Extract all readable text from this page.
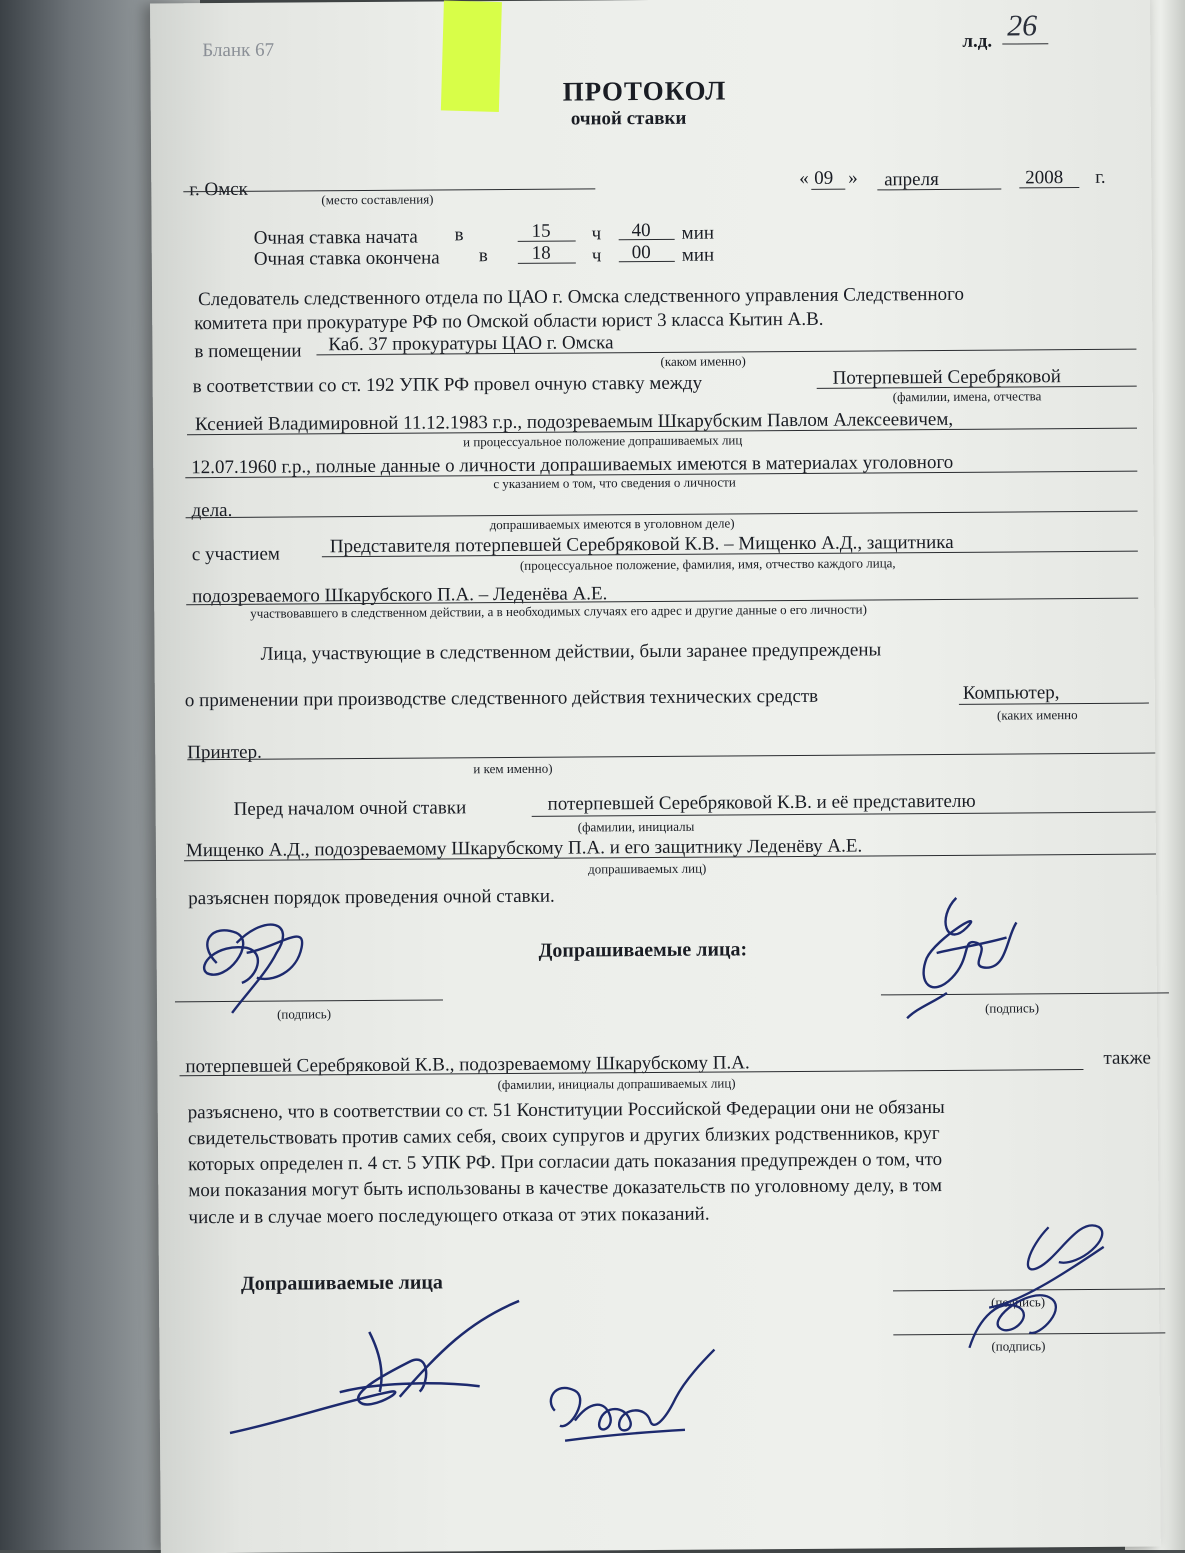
Бланк 67	л.д. 26
ПРОТОКОЛ
очной ставки
г. Омск	(место составления)
« 09 » апреля	2008 г.
Очная ставка начата в	15 ч 40 мин
Очная ставка окончена в 18 ч 00 мин
Следователь следственного отдела по ЦАО г. Омска следственного управления Следственного
комитета при прокуратуре РФ по Омской области юрист 3 класса Кытин А.В.
в помещении Каб. 37 прокуратуры ЦАО г. Омска
(каком именно)
в соответствии со ст. 192 УПК РФ провел очную ставку между	Потерпевшей Серебряковой
(фамилии, имена, отчества
Ксенией Владимировной 11.12.1983 г.р., подозреваемым Шкарубским Павлом Алексеевичем,
и процессуальное положение допрашиваемых лиц
12.07.1960 г.р., полные данные о личности допрашиваемых имеются в материалах уголовного
с указанием о том, что сведения о личности
дела.
допрашиваемых имеются в уголовном деле)
с участием	Представителя потерпевшей Серебряковой К.В. – Мищенко А.Д., защитника
(процессуальное положение, фамилия, имя, отчество каждого лица,
подозреваемого Шкарубского П.А. – Леденёва А.Е.
участвовавшего в следственном действии, а в необходимых случаях его адрес и другие данные о его личности)
Лица, участвующие в следственном действии, были заранее предупреждены
о применении при производстве следственного действия технических средств	Компьютер,
(каких именно
Принтер.
и кем именно)
Перед началом очной ставки	потерпевшей Серебряковой К.В. и её представителю
(фамилии, инициалы
Мищенко А.Д., подозреваемому Шкарубскому П.А. и его защитнику Леденёву А.Е.
допрашиваемых лиц)
разъяснен порядок проведения очной ставки.
Допрашиваемые лица:
(подпись)	(подпись)
потерпевшей Серебряковой К.В., подозреваемому Шкарубскому П.А.	также
(фамилии, инициалы допрашиваемых лиц)
разъяснено, что в соответствии со ст. 51 Конституции Российской Федерации они не обязаны
свидетельствовать против самих себя, своих супругов и других близких родственников, круг
которых определен п. 4 ст. 5 УПК РФ. При согласии дать показания предупрежден о том, что
мои показания могут быть использованы в качестве доказательств по уголовному делу, в том
числе и в случае моего последующего отказа от этих показаний.
Допрашиваемые лица
(подпись)
(подпись)
